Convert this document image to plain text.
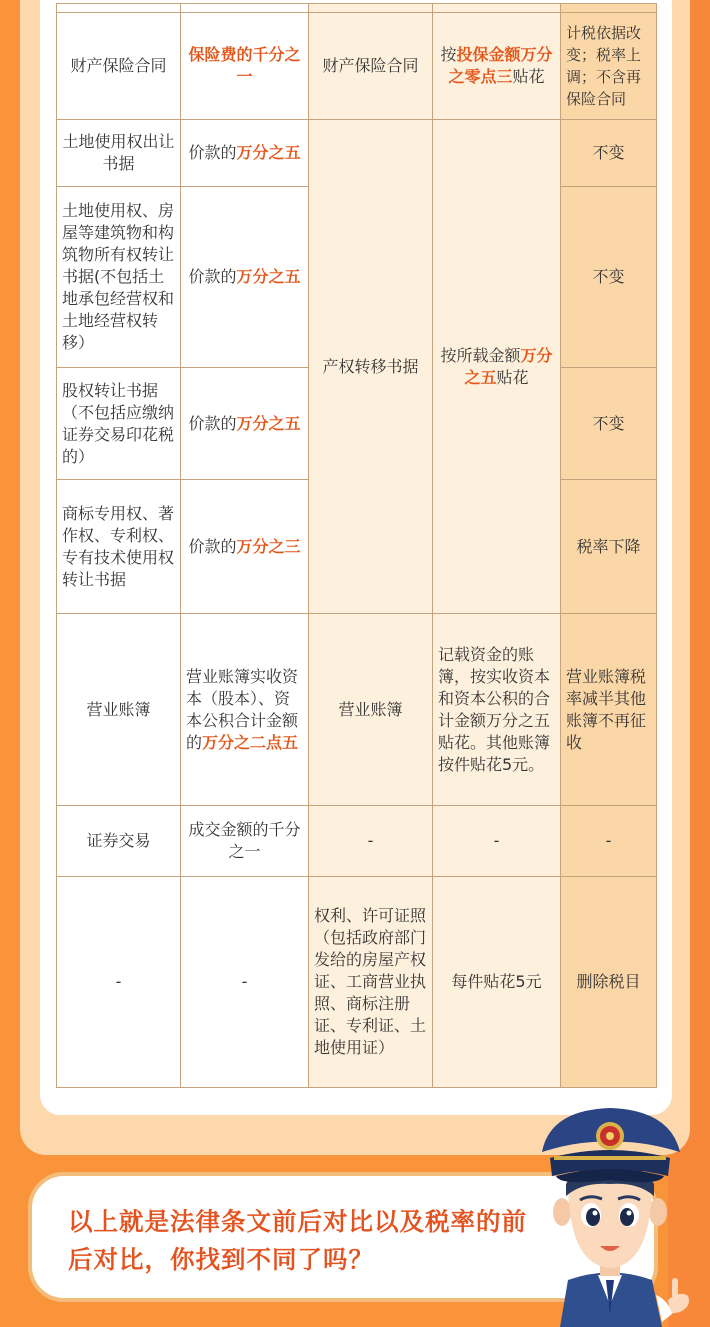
财产保险合同	保险费的千分之一	财产保险合同	按投保金额万分之零点三贴花	计税依据改变；税率上调；不含再保险合同
土地使用权出让书据	价款的万分之五	产权转移书据	按所载金额万分之五贴花	不变
土地使用权、房屋等建筑物和构筑物所有权转让书据(不包括土地承包经营权和土地经营权转移）	价款的万分之五			不变
股权转让书据（不包括应缴纳证券交易印花税的）	价款的万分之五			不变
商标专用权、著作权、专利权、专有技术使用权转让书据	价款的万分之三			税率下降
营业账簿	营业账簿实收资本（股本）、资本公积合计金额的万分之二点五	营业账簿	记载资金的账簿，按实收资本和资本公积的合计金额万分之五贴花。其他账簿按件贴花5元。	营业账簿税率减半其他账簿不再征收
证券交易	成交金额的千分之一	-	-	-
-	-	权利、许可证照（包括政府部门发给的房屋产权证、工商营业执照、商标注册证、专利证、土地使用证）	每件贴花5元	删除税目
以上就是法律条文前后对比以及税率的前后对比，你找到不同了吗？
